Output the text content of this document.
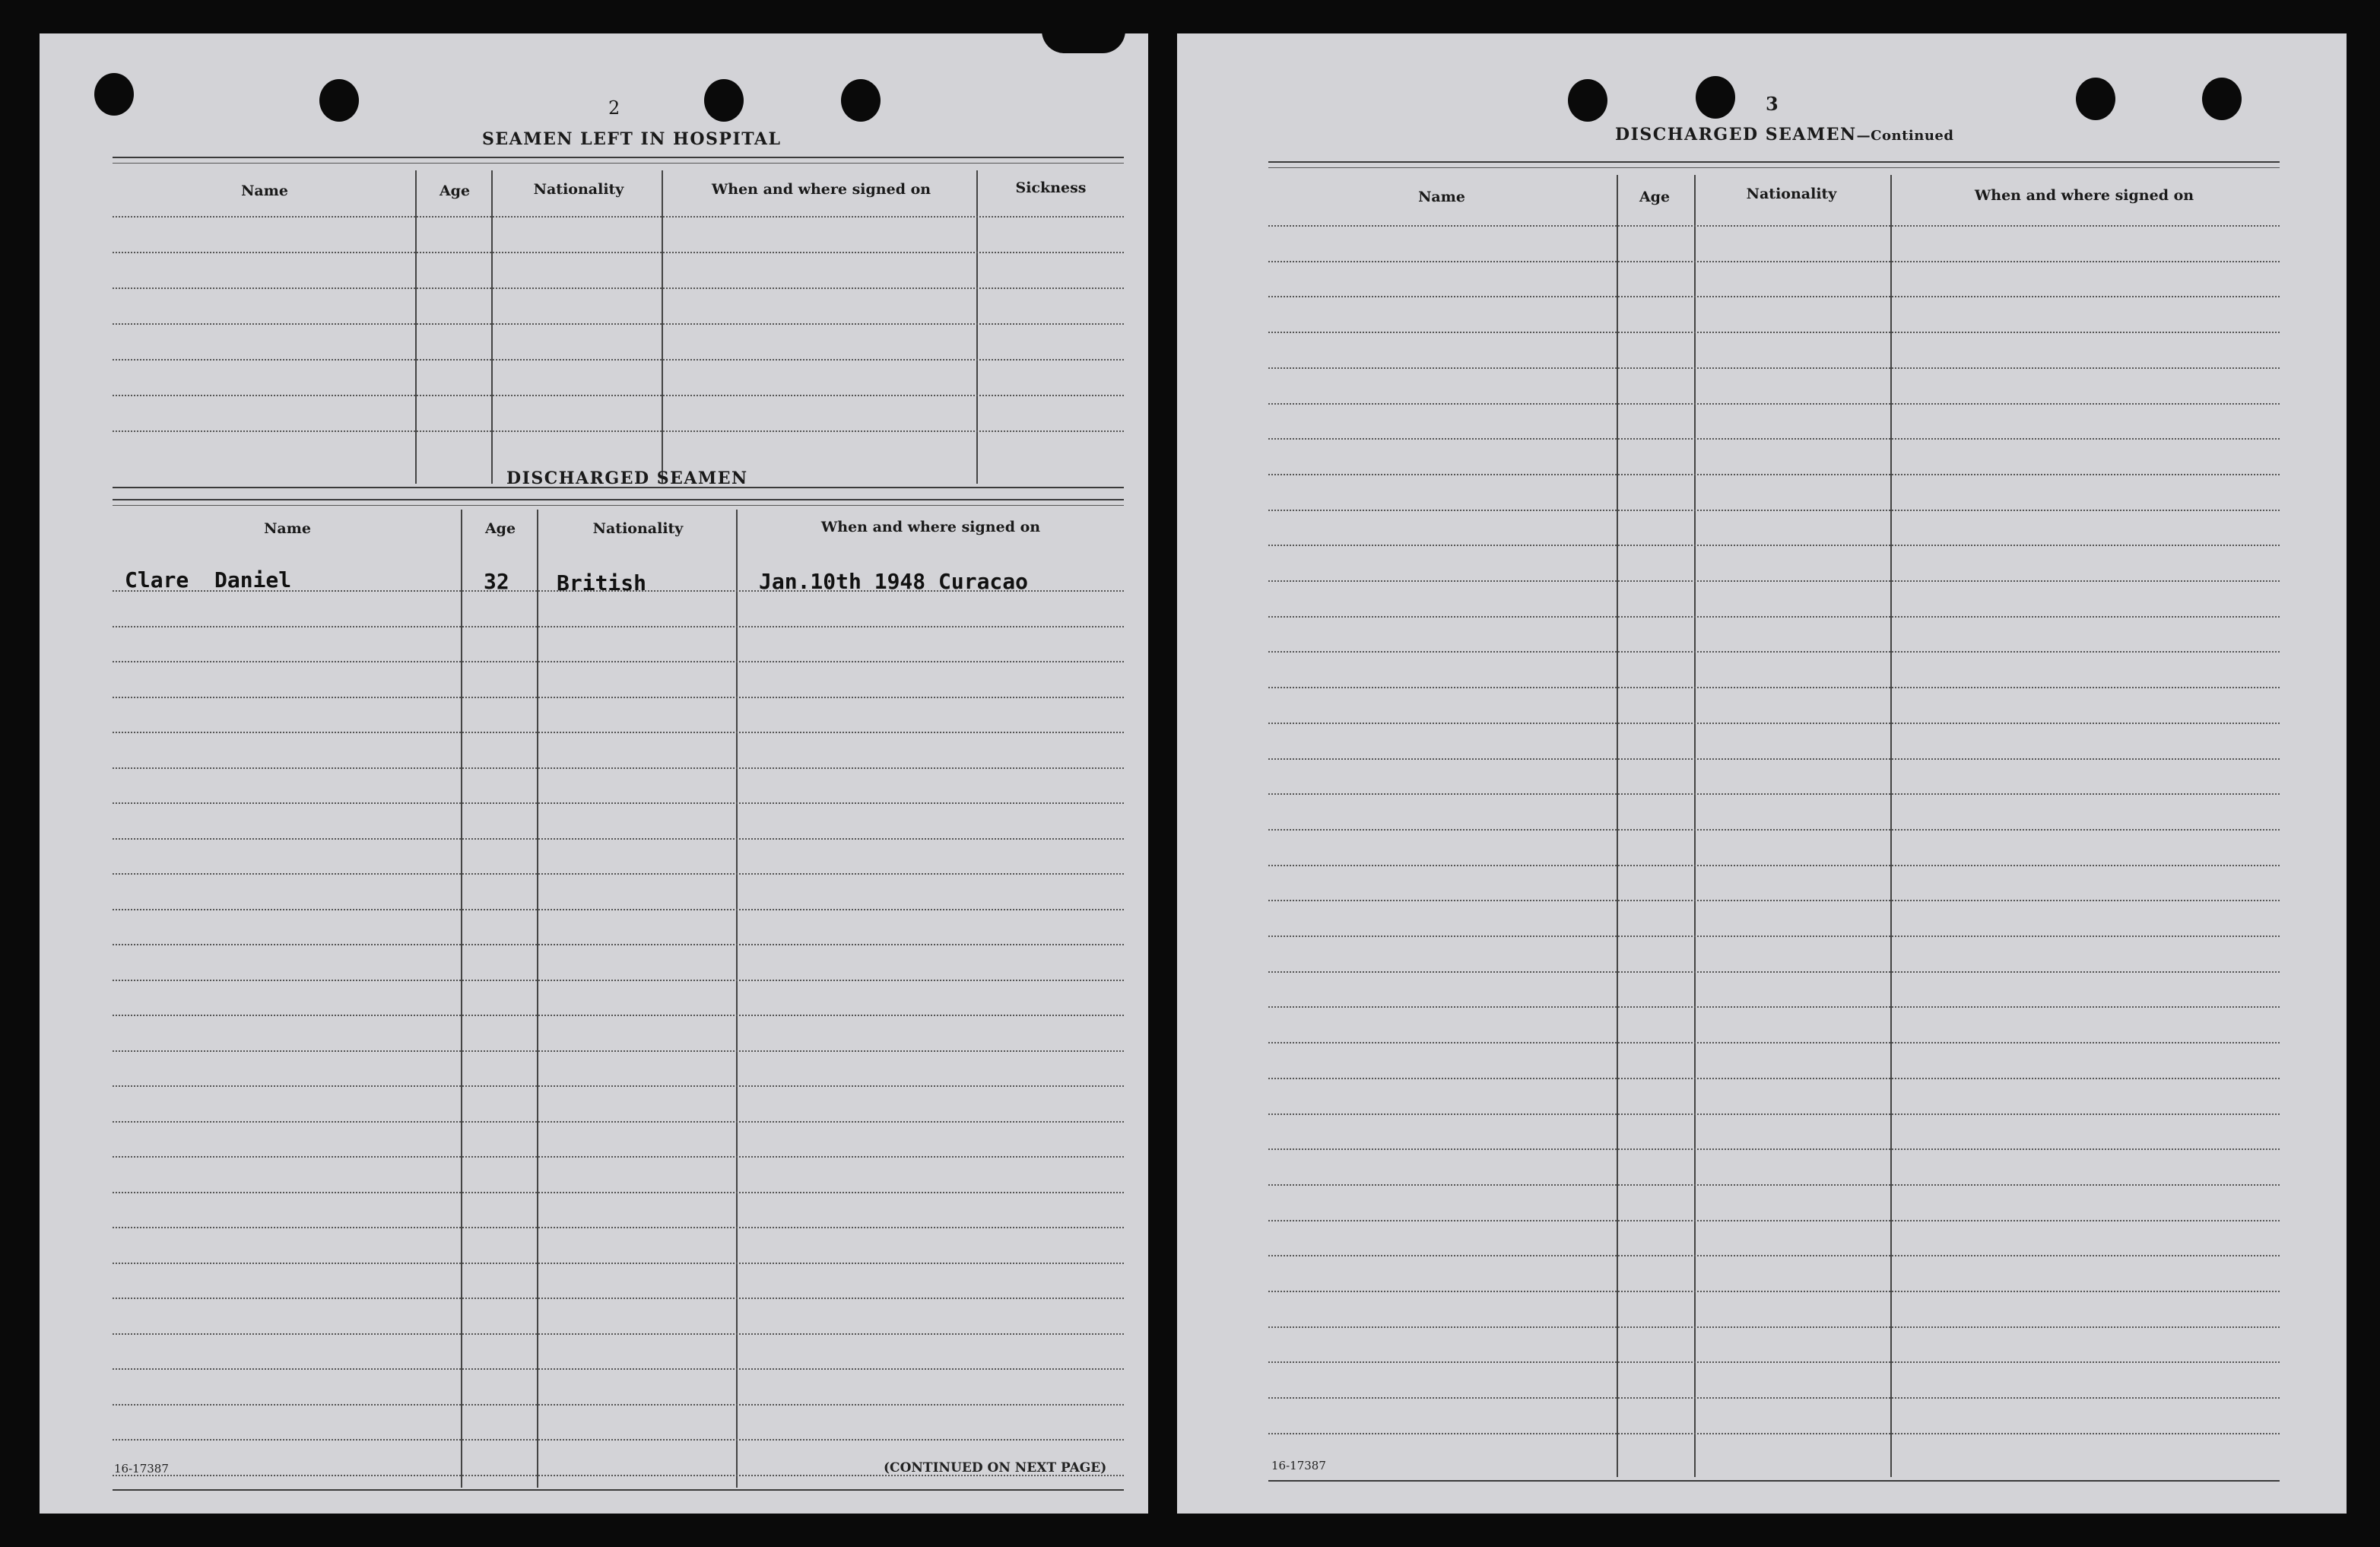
2
SEAMEN LEFT IN HOSPITAL
Name	Age	Nationality	When and where signed on	Sickness
DISCHARGED SEAMEN
Name	Age	Nationality	When and where signed on
Clare  Daniel	32 British	Jan.10th 1948 Curacao
16-17387	(CONTINUED ON NEXT PAGE)
3
DISCHARGED SEAMEN—Continued
Name	Age	Nationality	When and where signed on
16-17387
